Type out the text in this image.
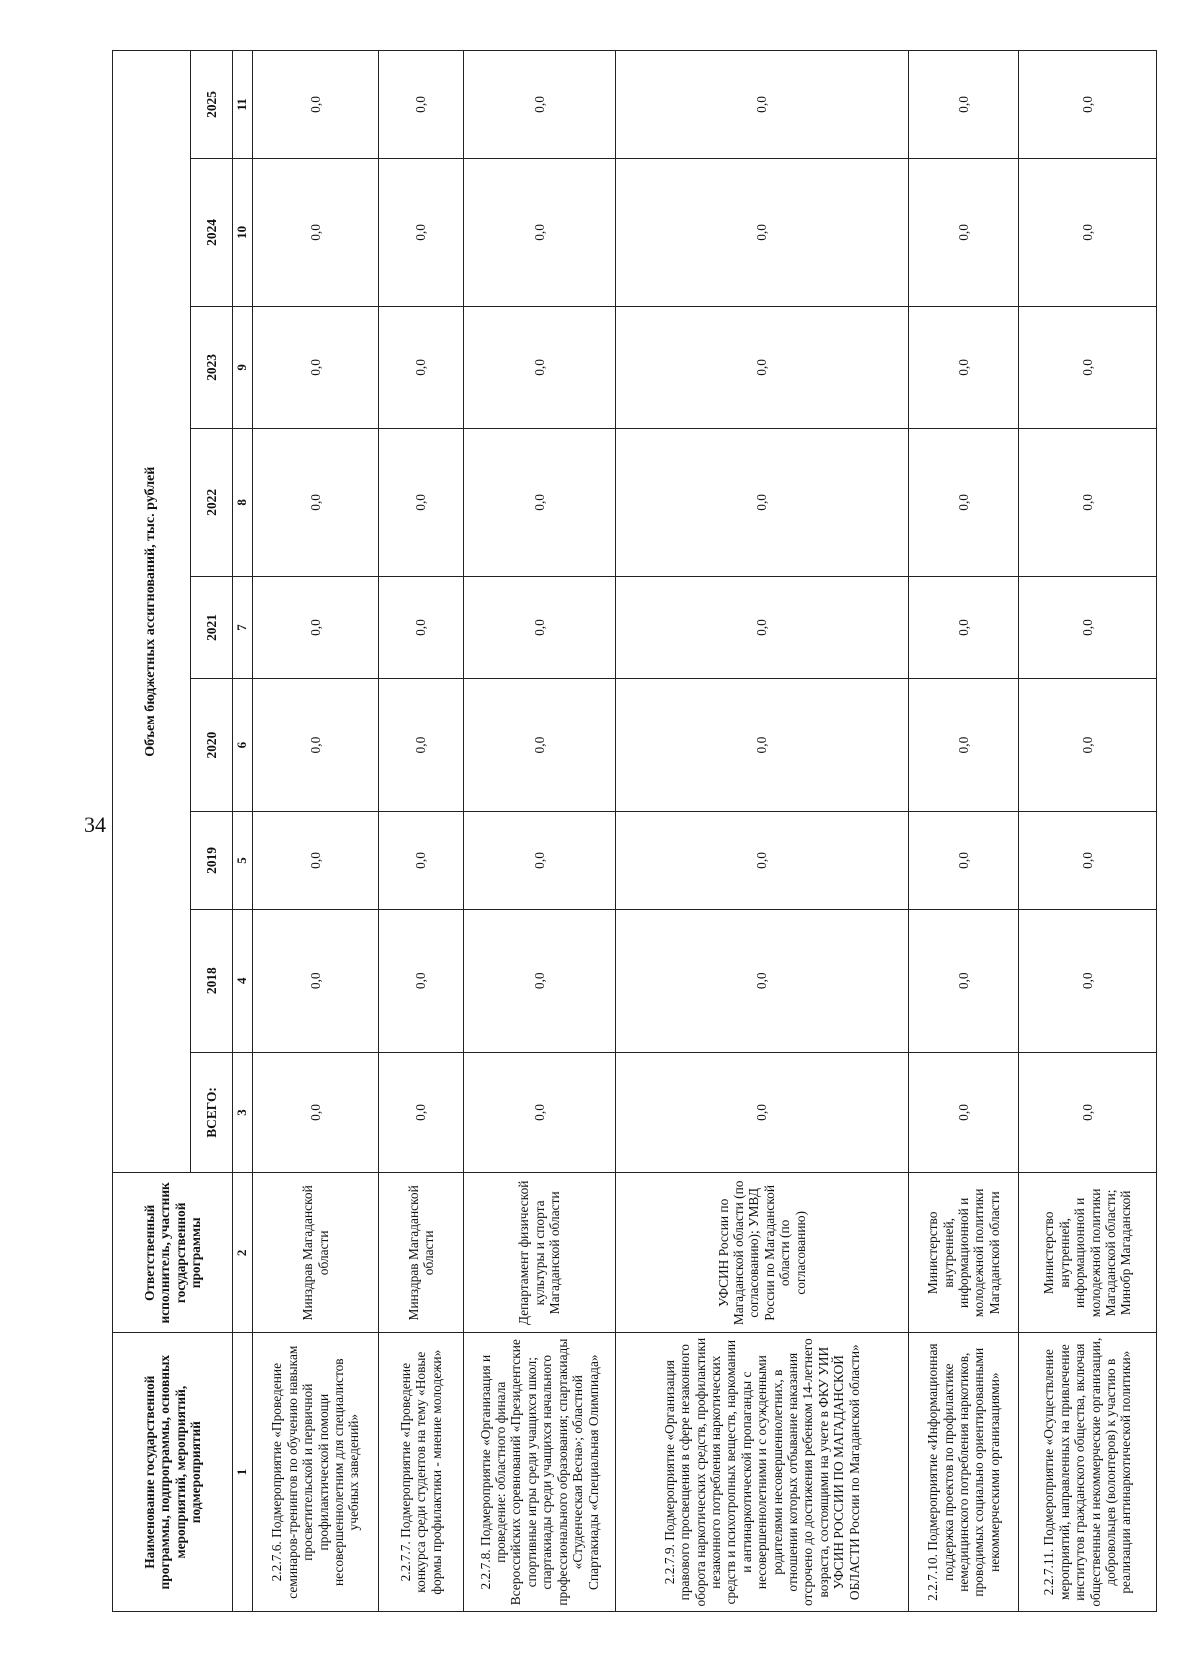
34
Наименование государственной программы, подпрограммы, основных мероприятий, мероприятий, подмероприятий	Ответственный исполнитель, участник государственной программы	Объем бюджетных ассигнований, тыс. рублей								
		ВСЕГО:	2018	2019	2020	2021	2022	2023	2024	2025
1	2	3	4	5	6	7	8	9	10	11
2.2.7.6. Подмероприятие «Проведение семинаров-тренингов по обучению навыкам просветительской и первичной профилактической помощи несовершеннолетним для специалистов учебных заведений»	Минздрав Магаданской области	0,0	0,0	0,0	0,0	0,0	0,0	0,0	0,0	0,0
2.2.7.7. Подмероприятие «Проведение конкурса среди студентов на тему «Новые формы профилактики - мнение молодежи»	Минздрав Магаданской области	0,0	0,0	0,0	0,0	0,0	0,0	0,0	0,0	0,0
2.2.7.8. Подмероприятие «Организация и проведение: областного финала Всероссийских соревнований «Президентские спортивные игры среди учащихся школ; спартакиады среди учащихся начального профессионального образования; спартакиады «Студенческая Весна»; областной Спартакиады «Специальная Олимпиада»	Департамент физической культуры и спорта Магаданской области	0,0	0,0	0,0	0,0	0,0	0,0	0,0	0,0	0,0
2.2.7.9. Подмероприятие «Организация правового просвещения в сфере незаконного оборота наркотических средств, профилактики незаконного потребления наркотических средств и психотропных веществ, наркомании и антинаркотической пропаганды с несовершеннолетними и с осужденными родителями несовершеннолетних, в отношении которых отбывание наказания отсрочено до достижения ребенком 14-летнего возраста, состоящими на учете в ФКУ УИИ УФСИН РОССИИ ПО МАГАДАНСКОЙ ОБЛАСТИ России по Магаданской области»	УФСИН России по Магаданской области (по согласованию); УМВД России по Магаданской области (по согласованию)	0,0	0,0	0,0	0,0	0,0	0,0	0,0	0,0	0,0
2.2.7.10. Подмероприятие «Информационная поддержка проектов по профилактике немедицинского потребления наркотиков, проводимых социально ориентированными некоммерческими организациями»	Министерство внутренней, информационной и молодежной политики Магаданской области	0,0	0,0	0,0	0,0	0,0	0,0	0,0	0,0	0,0
2.2.7.11. Подмероприятие «Осуществление мероприятий, направленных на привлечение институтов гражданского общества, включая общественные и некоммерческие организации, добровольцев (волонтеров) к участию в реализации антинаркотической политики»	Министерство внутренней, информационной и молодежной политики Магаданской области; Минобр Магаданской	0,0	0,0	0,0	0,0	0,0	0,0	0,0	0,0	0,0
